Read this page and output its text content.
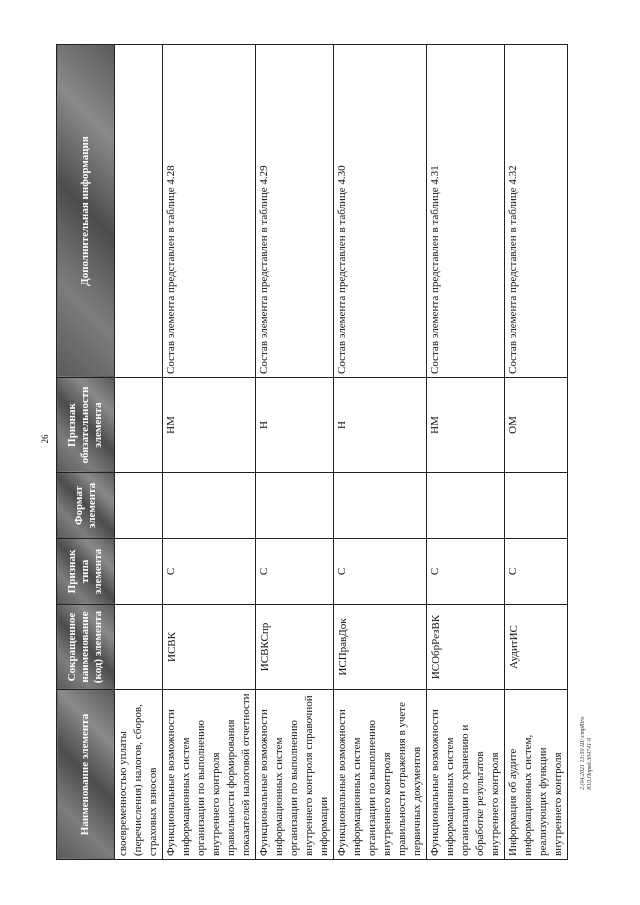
26
Наименование элемента	Сокращенное наименование (код) элемента	Признак типа элемента	Формат элемента	Признак обязательности элемента	Дополнительная информация
своевременностью уплаты (перечисления) налогов, сборов, страховых взносов					
Функциональные возможности информационных систем организации по выполнению внутреннего контроля правильности формирования показателей налоговой отчетности	ИСВК	С		НМ	Состав элемента представлен в таблице 4.28
Функциональные возможности информационных систем организации по выполнению внутреннего контроля справочной информации	ИСВКСпр	С		Н	Состав элемента представлен в таблице 4.29
Функциональные возможности информационных систем организации по выполнению внутреннего контроля правильности отражения в учете первичных документов	ИСПравДок	С		Н	Состав элемента представлен в таблице 4.30
Функциональные возможности информационных систем организации по хранению и обработке результатов внутреннего контроля	ИСОбрРезВК	С		НМ	Состав элемента представлен в таблице 4.31
Информация об аудите информационных систем, реализующих функции внутреннего контроля	АудитИС	С		ОМ	Состав элемента представлен в таблице 4.32
2.(04.2021 13:50 Ш:\cmpRiro ЮЛ.Поряд.304741-9
